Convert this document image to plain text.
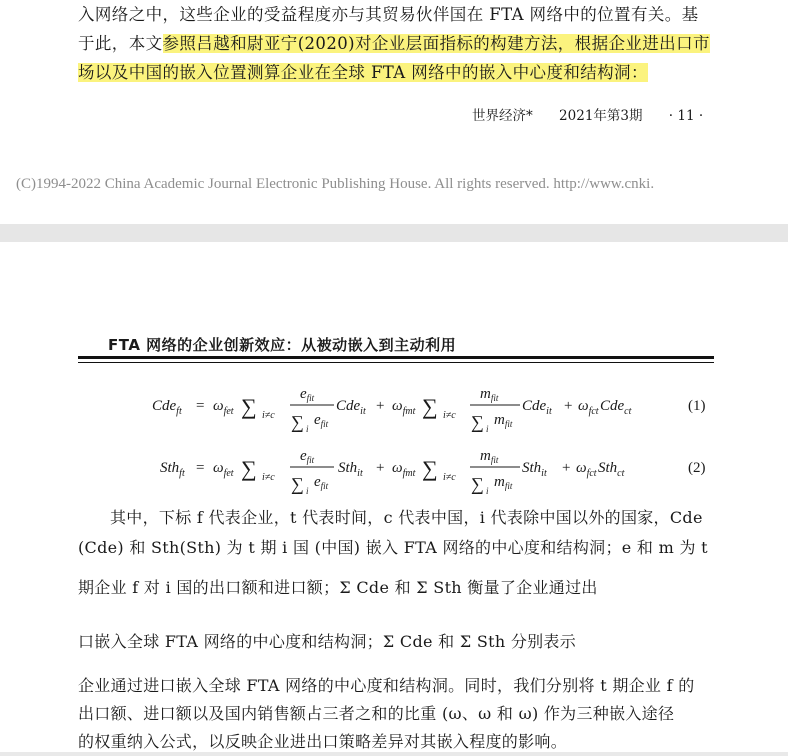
入网络之中，这些企业的受益程度亦与其贸易伙伴国在 FTA 网络中的位置有关。基
于此，本文参照吕越和尉亚宁(2020)对企业层面指标的构建方法，根据企业进出口市
场以及中国的嵌入位置测算企业在全球 FTA 网络中的嵌入中心度和结构洞：
世界经济* 2021年第3期 · 11 ·
(C)1994-2022 China Academic Journal Electronic Publishing House. All rights reserved. http://www.cnki.
FTA 网络的企业创新效应：从被动嵌入到主动利用
$Cde_{ft} = \omega_{fet}$ ∑ i≠c
$e_{fit}$
∑ i
$e_{fit}$
$Cde_{it} + \omega_{fmt}$ ∑ i≠c
$m_{fit}$
∑ i
$m_{fit}$
$Cde_{it} + \omega_{fct}$ Cde$_{ct}$	(1)
$Sth_{ft} = \omega_{fet}$ ∑ i≠c
$e_{fit}$
∑ i
$e_{fit}$
$Sth_{it} + \omega_{fmt}$ ∑ i≠c
$m_{fit}$
∑ i
$m_{fit}$
$Sth_{it} + \omega_{fct}$ Sth$_{ct}$	(2)
其中，下标 f 代表企业，t 代表时间，c 代表中国，i 代表除中国以外的国家，Cde
(Cde) 和 Sth(Sth) 为 t 期 i 国 (中国) 嵌入 FTA 网络的中心度和结构洞；e 和 m 为 t
期企业 f 对 i 国的出口额和进口额；Σ Cde 和 Σ Sth 衡量了企业通过出
口嵌入全球 FTA 网络的中心度和结构洞；Σ Cde 和 Σ Sth 分别表示
企业通过进口嵌入全球 FTA 网络的中心度和结构洞。同时，我们分别将 t 期企业 f 的
出口额、进口额以及国内销售额占三者之和的比重 (ω、ω 和 ω) 作为三种嵌入途径
的权重纳入公式，以反映企业进出口策略差异对其嵌入程度的影响。
